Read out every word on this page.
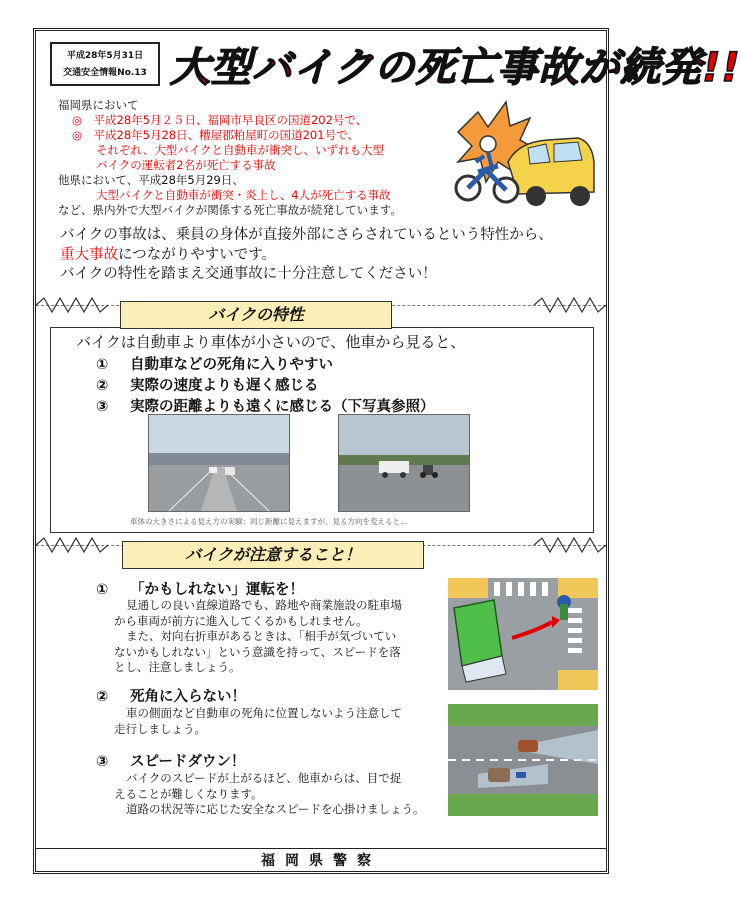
平成28年5月31日
交通安全情報No.13 大型バイクの死亡事故が続発!!
福岡県において
◎　平成28年5月２５日、福岡市早良区の国道202号で、
◎　平成28年5月28日、糟屋郡粕屋町の国道201号で、
それぞれ、大型バイクと自動車が衝突し、いずれも大型
バイクの運転者2名が死亡する事故
他県において、平成28年5月29日、
大型バイクと自動車が衝突・炎上し、4人が死亡する事故
など、県内外で大型バイクが関係する死亡事故が続発しています。
バイクの事故は、乗員の身体が直接外部にさらされているという特性から、
重大事故につながりやすいです。
バイクの特性を踏まえ交通事故に十分注意してください！
バイクの特性
バイクは自動車より車体が小さいので、他車から見ると、
① 自動車などの死角に入りやすい
② 実際の速度よりも遅く感じる
③ 実際の距離よりも遠くに感じる（下写真参照）
車体の大きさによる見え方の実験：同じ距離に見えますが、見る方向を変えると…
バイクが注意すること！
① 「かもしれない」運転を！
見通しの良い直線道路でも、路地や商業施設の駐車場
から車両が前方に進入してくるかもしれません。
また、対向右折車があるときは、「相手が気づいてい
ないかもしれない」という意識を持って、スピードを落
とし、注意しましょう。
② 死角に入らない！
車の側面など自動車の死角に位置しないよう注意して
走行しましょう。
③ スピードダウン！
バイクのスピードが上がるほど、他車からは、目で捉
えることが難しくなります。
道路の状況等に応じた安全なスピードを心掛けましょう。
福岡県警察
